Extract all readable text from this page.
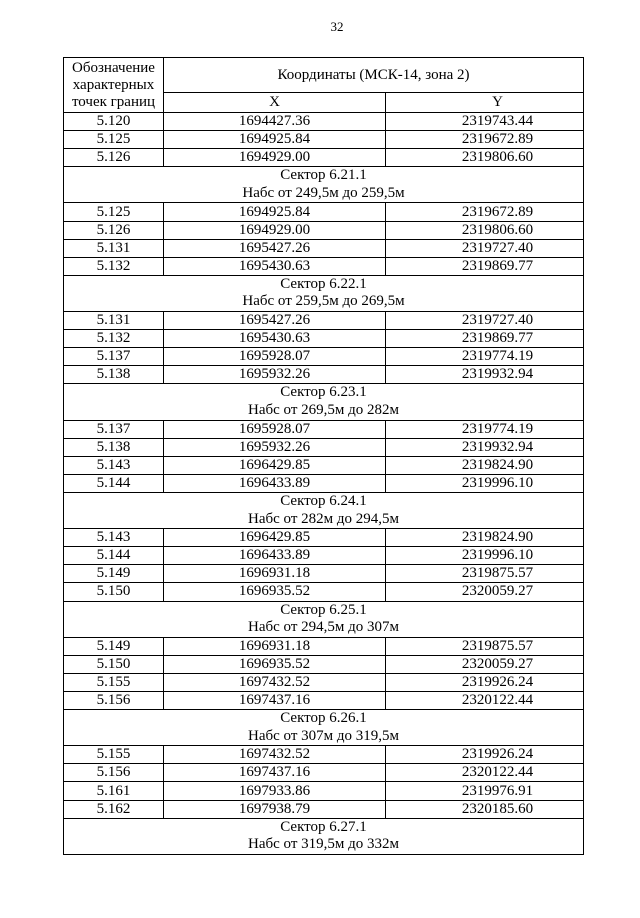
32
Обозначение
характерных
точек границ	Координаты (МСК-14, зона 2)	
	X	Y
5.120	1694427.36	2319743.44
5.125	1694925.84	2319672.89
5.126	1694929.00	2319806.60

Сектор 6.21.1
Набс от 249,5м до 259,5м		

5.125	1694925.84	2319672.89
5.126	1694929.00	2319806.60
5.131	1695427.26	2319727.40
5.132	1695430.63	2319869.77

Сектор 6.22.1
Набс от 259,5м до 269,5м		

5.131	1695427.26	2319727.40
5.132	1695430.63	2319869.77
5.137	1695928.07	2319774.19
5.138	1695932.26	2319932.94

Сектор 6.23.1
Набс от 269,5м до 282м		

5.137	1695928.07	2319774.19
5.138	1695932.26	2319932.94
5.143	1696429.85	2319824.90
5.144	1696433.89	2319996.10

Сектор 6.24.1
Набс от 282м до 294,5м		

5.143	1696429.85	2319824.90
5.144	1696433.89	2319996.10
5.149	1696931.18	2319875.57
5.150	1696935.52	2320059.27

Сектор 6.25.1
Набс от 294,5м до 307м		

5.149	1696931.18	2319875.57
5.150	1696935.52	2320059.27
5.155	1697432.52	2319926.24
5.156	1697437.16	2320122.44

Сектор 6.26.1
Набс от 307м до 319,5м		

5.155	1697432.52	2319926.24
5.156	1697437.16	2320122.44
5.161	1697933.86	2319976.91
5.162	1697938.79	2320185.60

Сектор 6.27.1
Набс от 319,5м до 332м		
